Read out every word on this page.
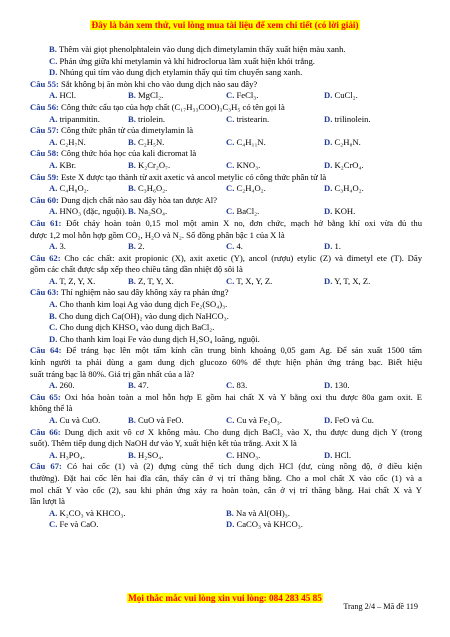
Đây là bản xem thử, vui lòng mua tài liệu để xem chi tiết (có lời giải)
B. Thêm vài giọt phenolphtalein vào dung dịch đimetylamin thấy xuất hiện màu xanh.
C. Phản ứng giữa khí metylamin và khí hiđroclorua làm xuất hiện khói trắng.
D. Nhúng quì tím vào dung dịch etylamin thấy quì tím chuyển sang xanh.
Câu 55: Sắt không bị ăn mòn khi cho vào dung dịch nào sau đây?
A. HCl.	B. MgCl₂.	C. FeCl₃.	D. CuCl₂.
Câu 56: Công thức cấu tạo của hợp chất (C₁₇H₃₃COO)₃C₃H₅ có tên gọi là
A. tripanmitin.	B. triolein.	C. tristearin.	D. trilinolein.
Câu 57: Công thức phân tử của đimetylamin là
A. C₂H₇N.	B. C₂H₅N.	C. C₄H₁₁N.	D. C₂H₈N.
Câu 58: Công thức hóa học của kali đicromat là
A. KBr.	B. K₂Cr₂O₇.	C. KNO₃.	D. K₂CrO₄.
Câu 59: Este X được tạo thành từ axit axetic và ancol metylic có công thức phân tử là
A. C₄H₈O₂.	B. C₃H₆O₂.	C. C₂H₄O₂.	D. C₃H₄O₂.
Câu 60: Dung dịch chất nào sau đây hòa tan được Al?
A. HNO₃ (đặc, nguội). B. Na₂SO₄.	C. BaCl₂.	D. KOH.
Câu 61: Đốt cháy hoàn toàn 0,15 mol một amin X no, đơn chức, mạch hở bằng khí oxi vừa đủ thu
được 1,2 mol hỗn hợp gồm CO₂, H₂O và N₂. Số đồng phân bậc 1 của X là
A. 3.	B. 2.	C. 4.	D. 1.
Câu 62: Cho các chất: axit propionic (X), axit axetic (Y), ancol (rượu) etylic (Z) và đimetyl ete (T). Dãy
gồm các chất được sắp xếp theo chiều tăng dần nhiệt độ sôi là
A. T, Z, Y, X.	B. Z, T, Y, X.	C. T, X, Y, Z.	D. Y, T, X, Z.
Câu 63: Thí nghiệm nào sau đây không xảy ra phản ứng?
A. Cho thanh kim loại Ag vào dung dịch Fe₂(SO₄)₃.
B. Cho dung dịch Ca(OH)₂ vào dung dịch NaHCO₃.
C. Cho dung dịch KHSO₄ vào dung dịch BaCl₂.
D. Cho thanh kim loại Fe vào dung dịch H₂SO₄ loãng, nguội.
Câu 64: Để tráng bạc lên một tấm kính cần trung bình khoảng 0,05 gam Ag. Để sản xuất 1500 tấm
kính người ta phải dùng a gam dung dịch glucozo 60% để thực hiện phản ứng tráng bạc. Biết hiệu
suất tráng bạc là 80%. Giá trị gần nhất của a là?
A. 260.	B. 47.	C. 83.	D. 130.
Câu 65: Oxi hóa hoàn toàn a mol hỗn hợp E gồm hai chất X và Y bằng oxi thu được 80a gam oxit. E
không thể là
A. Cu và CuO.	B. CuO và FeO.	C. Cu và Fe₂O₃.	D. FeO và Cu.
Câu 66: Dung dịch axit vô cơ X không màu. Cho dung dịch BaCl₂ vào X, thu được dung dịch Y (trong
suốt). Thêm tiếp dung dịch NaOH dư vào Y, xuất hiện kết tủa trắng. Axit X là
A. H₃PO₄.	B. H₂SO₄.	C. HNO₃.	D. HCl.
Câu 67: Có hai cốc (1) và (2) đựng cùng thể tích dung dịch HCl (dư, cùng nồng độ, ở điều kiện
thường). Đặt hai cốc lên hai đĩa cân, thấy cân ở vị trí thăng bằng. Cho a mol chất X vào cốc (1) và a
mol chất Y vào cốc (2), sau khi phản ứng xảy ra hoàn toàn, cân ở vị trí thăng bằng. Hai chất X và Y
lần lượt là
A. K₂CO₃ và KHCO₃.	B. Na và Al(OH)₃.
C. Fe và CaO.	D. CaCO₃ và KHCO₃.
Mọi thắc mắc vui lòng xin vui lòng: 084 283 45 85
Trang 2/4 – Mã đề 119
